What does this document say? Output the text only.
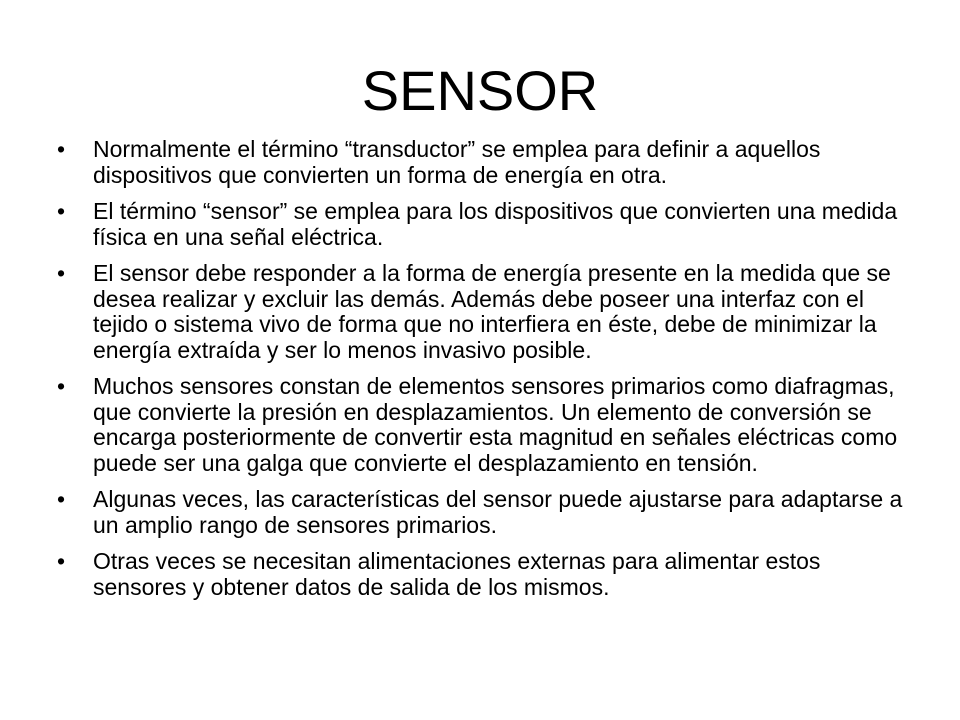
SENSOR
• Normalmente el término “transductor” se emplea para definir a aquellos dispositivos que convierten un forma de energía en otra.
• El término “sensor” se emplea para los dispositivos que convierten una medida física en una señal eléctrica.
• El sensor debe responder a la forma de energía presente en la medida que se desea realizar y excluir las demás. Además debe poseer una interfaz con el tejido o sistema vivo de forma que no interfiera en éste, debe de minimizar la energía extraída y ser lo menos invasivo posible.
• Muchos sensores constan de elementos sensores primarios como diafragmas, que convierte la presión en desplazamientos. Un elemento de conversión se encarga posteriormente de convertir esta magnitud en señales eléctricas como puede ser una galga que convierte el desplazamiento en tensión.
• Algunas veces, las características del sensor puede ajustarse para adaptarse a un amplio rango de sensores primarios.
• Otras veces se necesitan alimentaciones externas para alimentar estos sensores y obtener datos de salida de los mismos.
